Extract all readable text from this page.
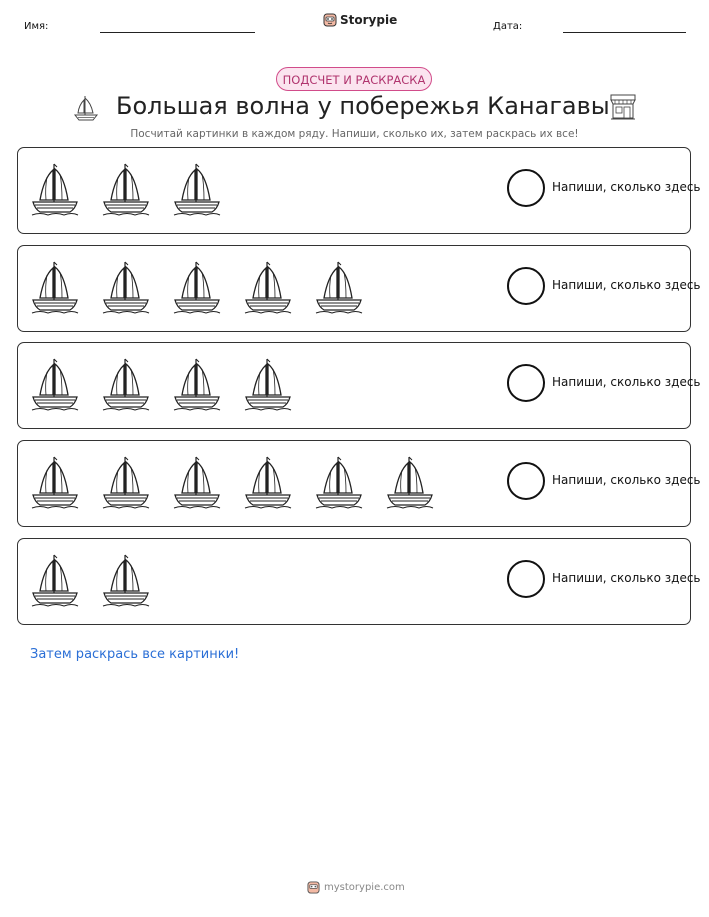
Имя:	Storypie	Дата:
ПОДСЧЕТ И РАСКРАСКА
Большая волна у побережья Канагавы
Посчитай картинки в каждом ряду. Напиши, сколько их, затем раскрась их все!
Напиши, сколько здесь
Напиши, сколько здесь
Напиши, сколько здесь
Напиши, сколько здесь
Напиши, сколько здесь
Затем раскрась все картинки!
mystorypie.com
